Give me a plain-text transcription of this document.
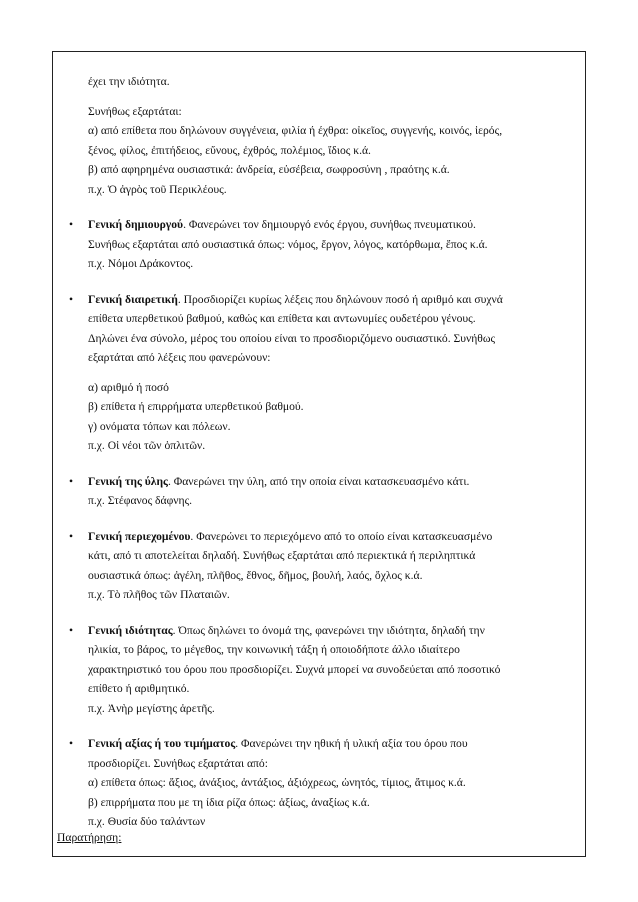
έχει την ιδιότητα.
Συνήθως εξαρτάται:
α) από επίθετα που δηλώνουν συγγένεια, φιλία ή έχθρα: οἰκεῖος, συγγενής, κοινός, ἱερός,
ξένος, φίλος, ἐπιτήδειος, εὔνους, ἐχθρός, πολέμιος, ἴδιος κ.ά.
β) από αφηρημένα ουσιαστικά: ἀνδρεία, εὐσέβεια, σωφροσύνη , πραότης κ.ά.
π.χ. Ὁ ἀγρὸς τοῦ Περικλέους.
• Γενική δημιουργού. Φανερώνει τον δημιουργό ενός έργου, συνήθως πνευματικού.
Συνήθως εξαρτάται από ουσιαστικά όπως: νόμος, ἔργον, λόγος, κατόρθωμα, ἔπος κ.ά.
π.χ. Νόμοι Δράκοντος.
• Γενική διαιρετική. Προσδιορίζει κυρίως λέξεις που δηλώνουν ποσό ή αριθμό και συχνά
επίθετα υπερθετικού βαθμού, καθώς και επίθετα και αντωνυμίες ουδετέρου γένους.
Δηλώνει ένα σύνολο, μέρος του οποίου είναι το προσδιοριζόμενο ουσιαστικό. Συνήθως
εξαρτάται από λέξεις που φανερώνουν:
α) αριθμό ή ποσό
β) επίθετα ή επιρρήματα υπερθετικού βαθμού.
γ) ονόματα τόπων και πόλεων.
π.χ. Οἱ νέοι τῶν ὁπλιτῶν.
• Γενική της ύλης. Φανερώνει την ύλη, από την οποία είναι κατασκευασμένο κάτι.
π.χ. Στέφανος δάφνης.
• Γενική περιεχομένου. Φανερώνει το περιεχόμενο από το οποίο είναι κατασκευασμένο
κάτι, από τι αποτελείται δηλαδή. Συνήθως εξαρτάται από περιεκτικά ή περιληπτικά
ουσιαστικά όπως: ἀγέλη, πλῆθος, ἔθνος, δῆμος, βουλή, λαός, ὄχλος κ.ά.
π.χ. Τὸ πλῆθος τῶν Πλαταιῶν.
• Γενική ιδιότητας. Όπως δηλώνει το όνομά της, φανερώνει την ιδιότητα, δηλαδή την
ηλικία, το βάρος, το μέγεθος, την κοινωνική τάξη ή οποιοδήποτε άλλο ιδιαίτερο
χαρακτηριστικό του όρου που προσδιορίζει. Συχνά μπορεί να συνοδεύεται από ποσοτικό
επίθετο ή αριθμητικό.
π.χ. Ἀνὴρ μεγίστης ἀρετῆς.
• Γενική αξίας ή του τιμήματος. Φανερώνει την ηθική ή υλική αξία του όρου που
προσδιορίζει. Συνήθως εξαρτάται από:
α) επίθετα όπως: ἄξιος, ἀνάξιος, ἀντάξιος, ἀξιόχρεως, ὠνητός, τίμιος, ἄτιμος κ.ά.
β) επιρρήματα που με τη ίδια ρίζα όπως: ἀξίως, ἀναξίως κ.ά.
π.χ. Θυσία δύο ταλάντων
Παρατήρηση:
